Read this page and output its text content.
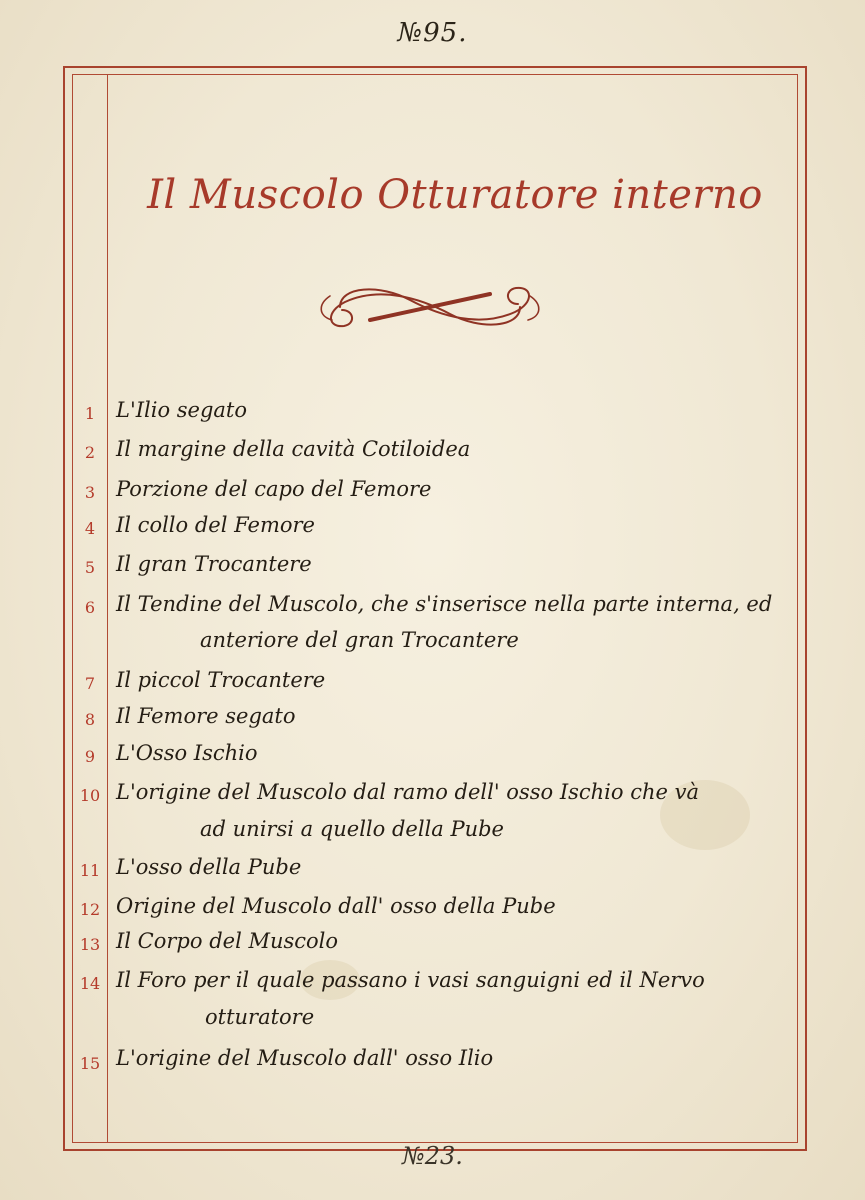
№95.
Il Muscolo Otturatore interno
1 L'Ilio segato
2 Il margine della cavità Cotiloidea
3 Porzione del capo del Femore
4 Il collo del Femore
5 Il gran Trocantere
6 Il Tendine del Muscolo, che s'inserisce nella parte interna, ed
anteriore del gran Trocantere
7 Il piccol Trocantere
8 Il Femore segato
9 L'Osso Ischio
10 L'origine del Muscolo dal ramo dell' osso Ischio che và
ad unirsi a quello della Pube
11 L'osso della Pube
12 Origine del Muscolo dall' osso della Pube
13 Il Corpo del Muscolo
14 Il Foro per il quale passano i vasi sanguigni ed il Nervo
otturatore
15 L'origine del Muscolo dall' osso Ilio
№23.
